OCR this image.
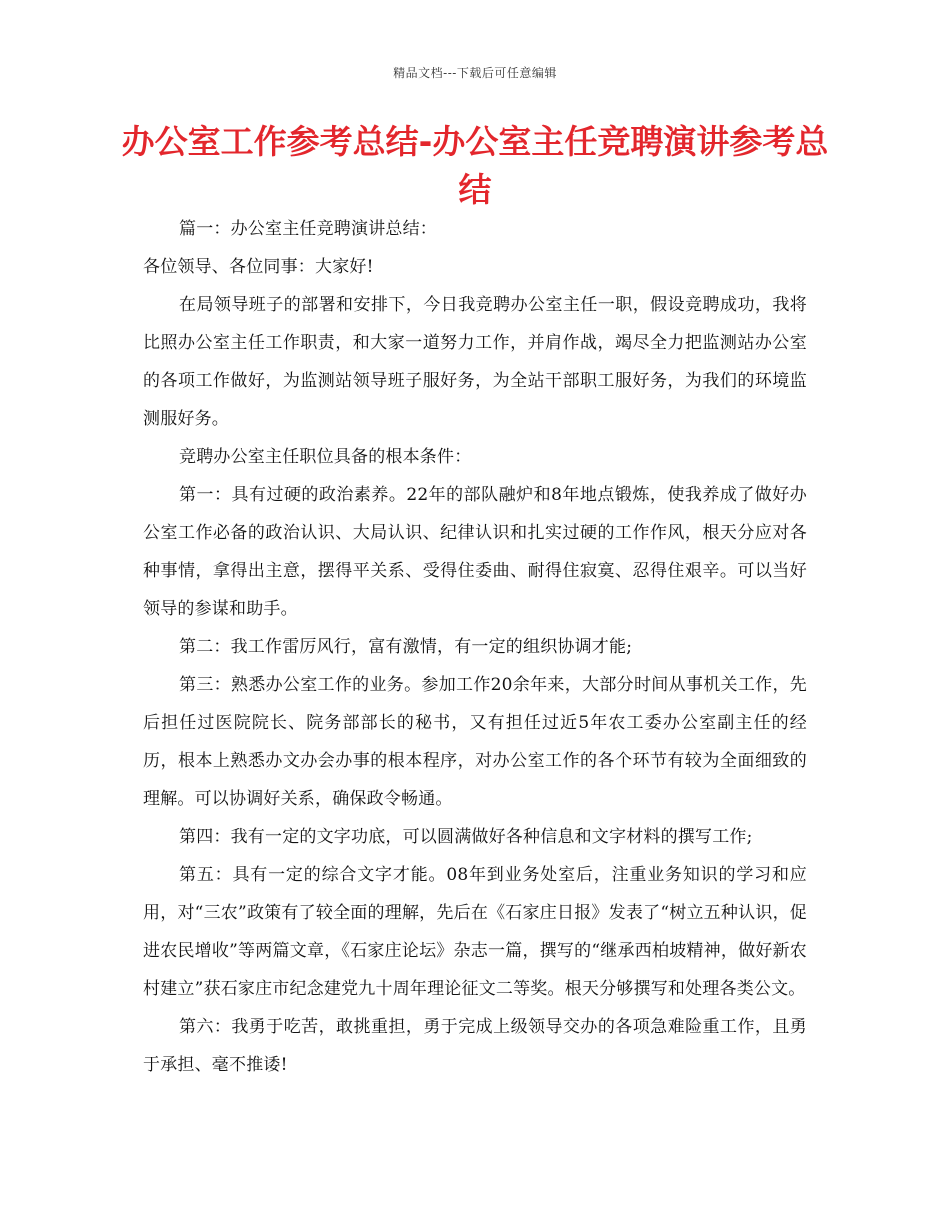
精品文档---下载后可任意编辑
办公室工作参考总结-办公室主任竞聘演讲参考总结

篇一：办公室主任竞聘演讲总结：

各位领导、各位同事：大家好!

在局领导班子的部署和安排下，今日我竞聘办公室主任一职，假设竞聘成功，我将比照办公室主任工作职责，和大家一道努力工作，并肩作战，竭尽全力把监测站办公室的各项工作做好，为监测站领导班子服好务，为全站干部职工服好务，为我们的环境监测服好务。

竞聘办公室主任职位具备的根本条件：

第一：具有过硬的政治素养。22年的部队融炉和8年地点锻炼，使我养成了做好办公室工作必备的政治认识、大局认识、纪律认识和扎实过硬的工作作风，根天分应对各种事情，拿得出主意，摆得平关系、受得住委曲、耐得住寂寞、忍得住艰辛。可以当好领导的参谋和助手。

第二：我工作雷厉风行，富有激情，有一定的组织协调才能;

第三：熟悉办公室工作的业务。参加工作20余年来，大部分时间从事机关工作，先后担任过医院院长、院务部部长的秘书，又有担任过近5年农工委办公室副主任的经历，根本上熟悉办文办会办事的根本程序，对办公室工作的各个环节有较为全面细致的理解。可以协调好关系，确保政令畅通。

第四：我有一定的文字功底，可以圆满做好各种信息和文字材料的撰写工作;

第五：具有一定的综合文字才能。08年到业务处室后，注重业务知识的学习和应用，对“三农”政策有了较全面的理解，先后在《石家庄日报》发表了“树立五种认识，促进农民增收”等两篇文章，《石家庄论坛》杂志一篇，撰写的“继承西柏坡精神，做好新农村建立”获石家庄市纪念建党九十周年理论征文二等奖。根天分够撰写和处理各类公文。

第六：我勇于吃苦，敢挑重担，勇于完成上级领导交办的各项急难险重工作，且勇于承担、毫不推诿!
